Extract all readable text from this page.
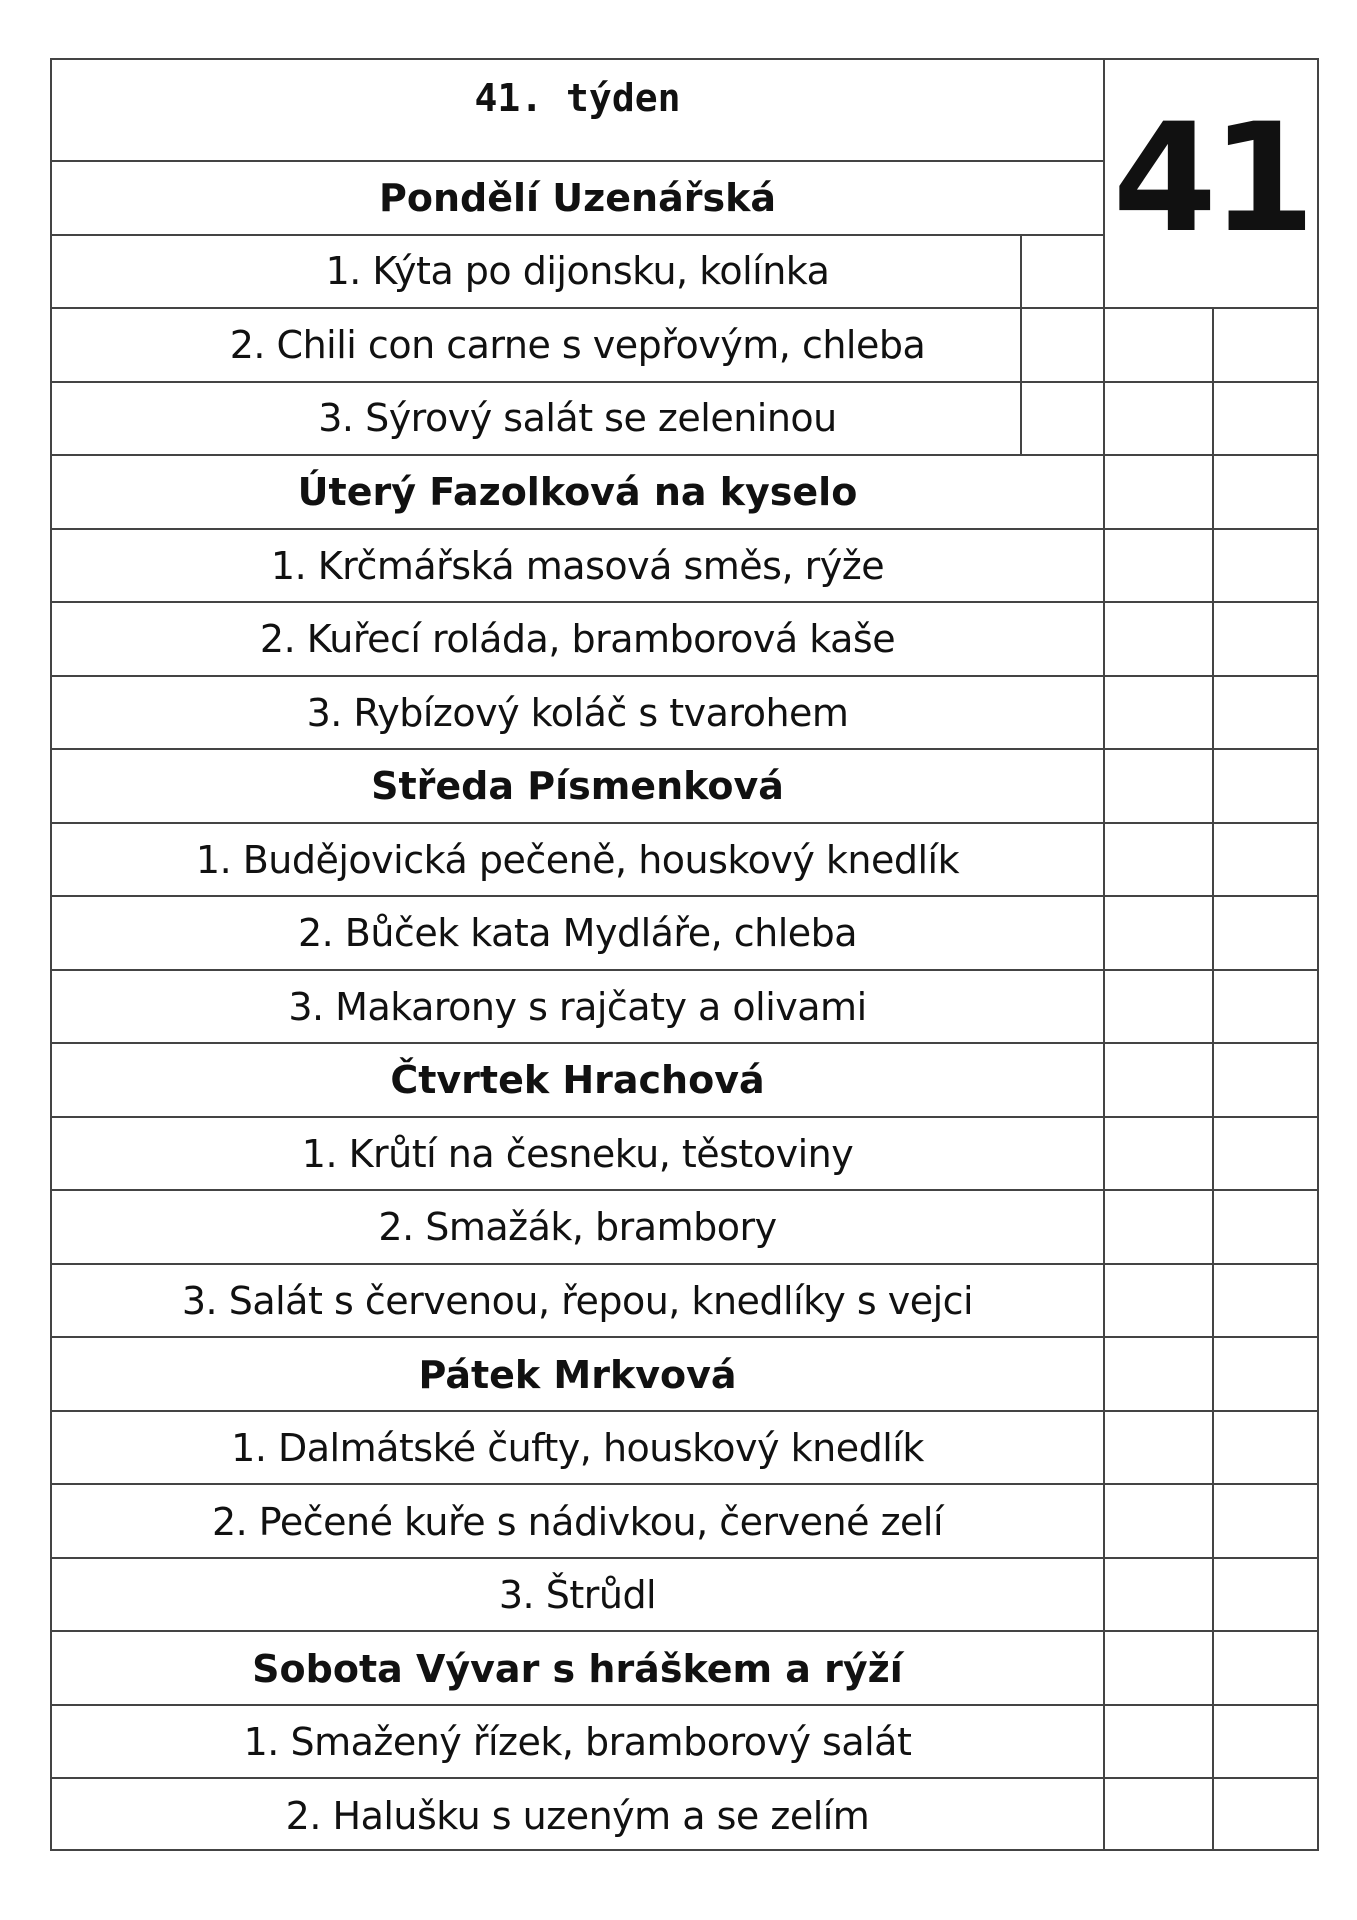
41. týden	41
Pondělí Uzenářská
1. Kýta po dijonsku, kolínka
2. Chili con carne s vepřovým, chleba
3. Sýrový salát se zeleninou
Úterý Fazolková na kyselo
1. Krčmářská masová směs, rýže
2. Kuřecí roláda, bramborová kaše
3. Rybízový koláč s tvarohem
Středa Písmenková
1. Budějovická pečeně, houskový knedlík
2. Bůček kata Mydláře, chleba
3. Makarony s rajčaty a olivami
Čtvrtek Hrachová
1. Krůtí na česneku, těstoviny
2. Smažák, brambory
3. Salát s červenou, řepou, knedlíky s vejci
Pátek Mrkvová
1. Dalmátské čufty, houskový knedlík
2. Pečené kuře s nádivkou, červené zelí
3. Štrůdl
Sobota Vývar s hráškem a rýží
1. Smažený řízek, bramborový salát
2. Halušku s uzeným a se zelím
